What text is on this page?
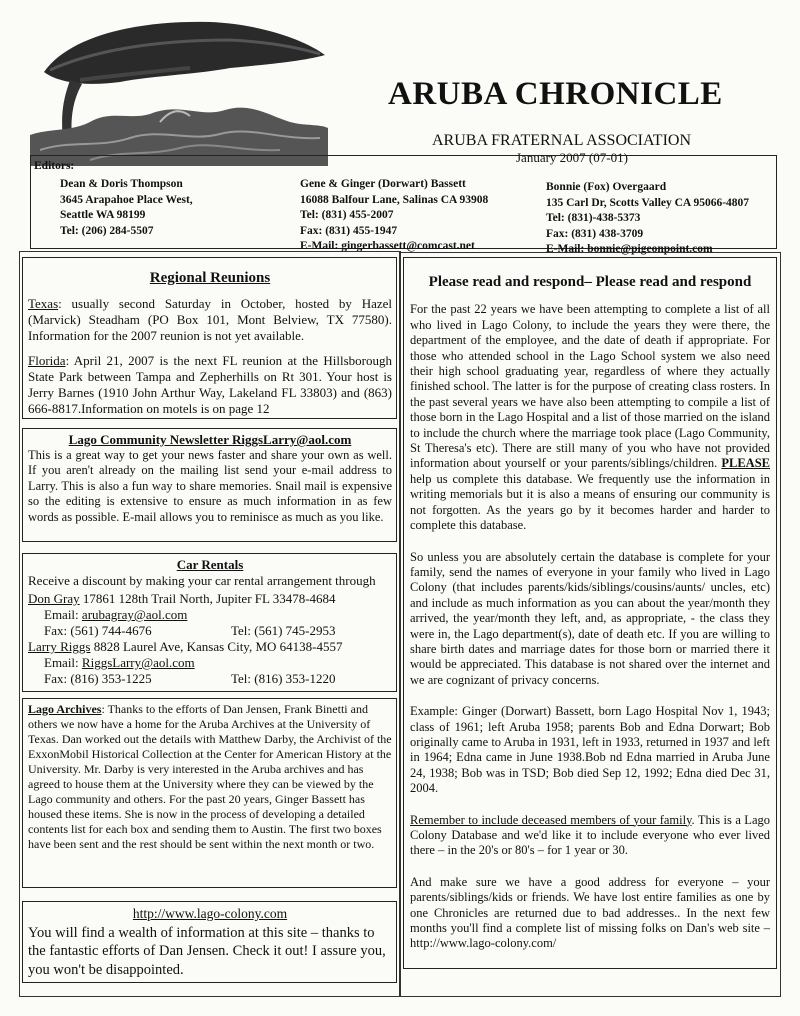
ARUBA CHRONICLE
ARUBA FRATERNAL ASSOCIATION
January 2007 (07-01)
Editors:
Dean & Doris Thompson
3645 Arapahoe Place West,
Seattle WA 98199
Tel: (206) 284-5507
Gene & Ginger (Dorwart) Bassett
16088 Balfour Lane, Salinas CA 93908
Tel: (831) 455-2007
Fax: (831) 455-1947
E-Mail: gingerbassett@comcast.net
Bonnie (Fox) Overgaard
135 Carl Dr, Scotts Valley CA 95066-4807
Tel: (831)-438-5373
Fax: (831) 438-3709
E-Mail: bonnie@pigeonpoint.com
Regional Reunions

Texas: usually second Saturday in October, hosted by Hazel (Marvick) Steadham (PO Box 101, Mont Belview, TX 77580). Information for the 2007 reunion is not yet available.

Florida: April 21, 2007 is the next FL reunion at the Hillsborough State Park between Tampa and Zepherhills on Rt 301. Your host is Jerry Barnes (1910 John Arthur Way, Lakeland FL 33803) and (863) 666-8817.Information on motels is on page 12

Lago Community Newsletter RiggsLarry@aol.com

This is a great way to get your news faster and share your own as well. If you aren't already on the mailing list send your e-mail address to Larry. This is also a fun way to share memories. Snail mail is expensive so the editing is extensive to ensure as much information in as few words as possible. E-mail allows you to reminisce as much as you like.

Car Rentals
Receive a discount by making your car rental arrangement through
Don Gray 17861 128th Trail North, Jupiter FL 33478-4684
Email: arubagray@aol.com
Fax: (561) 744-4676	Tel: (561) 745-2953
Larry Riggs 8828 Laurel Ave, Kansas City, MO 64138-4557
Email: RiggsLarry@aol.com
Fax: (816) 353-1225	Tel: (816) 353-1220

Lago Archives: Thanks to the efforts of Dan Jensen, Frank Binetti and others we now have a home for the Aruba Archives at the University of Texas. Dan worked out the details with Matthew Darby, the Archivist of the ExxonMobil Historical Collection at the Center for American History at the University. Mr. Darby is very interested in the Aruba archives and has agreed to house them at the University where they can be viewed by the Lago community and others. For the past 20 years, Ginger Bassett has housed these items. She is now in the process of developing a detailed contents list for each box and sending them to Austin. The first two boxes have been sent and the rest should be sent within the next month or two.

http://www.lago-colony.com

You will find a wealth of information at this site – thanks to the fantastic efforts of Dan Jensen. Check it out! I assure you, you won't be disappointed.

Please read and respond– Please read and respond

For the past 22 years we have been attempting to complete a list of all who lived in Lago Colony, to include the years they were there, the department of the employee, and the date of death if appropriate. For those who attended school in the Lago School system we also need their high school graduating year, regardless of where they actually finished school. The latter is for the purpose of creating class rosters. In the past several years we have also been attempting to compile a list of those born in the Lago Hospital and a list of those married on the island to include the church where the marriage took place (Lago Community, St Theresa's etc). There are still many of you who have not provided information about yourself or your parents/siblings/children. PLEASE help us complete this database. We frequently use the information in writing memorials but it is also a means of ensuring our community is not forgotten. As the years go by it becomes harder and harder to complete this database.

So unless you are absolutely certain the database is complete for your family, send the names of everyone in your family who lived in Lago Colony (that includes parents/kids/siblings/cousins/aunts/ uncles, etc) and include as much information as you can about the year/month they arrived, the year/month they left, and, as appropriate, - the class they were in, the Lago department(s), date of death etc. If you are willing to share birth dates and marriage dates for those born or married there it would be appreciated. This database is not shared over the internet and we are cognizant of privacy concerns.

Example: Ginger (Dorwart) Bassett, born Lago Hospital Nov 1, 1943; class of 1961; left Aruba 1958; parents Bob and Edna Dorwart; Bob originally came to Aruba in 1931, left in 1933, returned in 1937 and left in 1964; Edna came in June 1938.Bob nd Edna married in Aruba June 24, 1938; Bob was in TSD; Bob died Sep 12, 1992; Edna died Dec 31, 2004.

Remember to include deceased members of your family. This is a Lago Colony Database and we'd like it to include everyone who ever lived there – in the 20's or 80's – for 1 year or 30.

And make sure we have a good address for everyone – your parents/siblings/kids or friends. We have lost entire families as one by one Chronicles are returned due to bad addresses.. In the next few months you'll find a complete list of missing folks on Dan's web site – http://www.lago-colony.com/
